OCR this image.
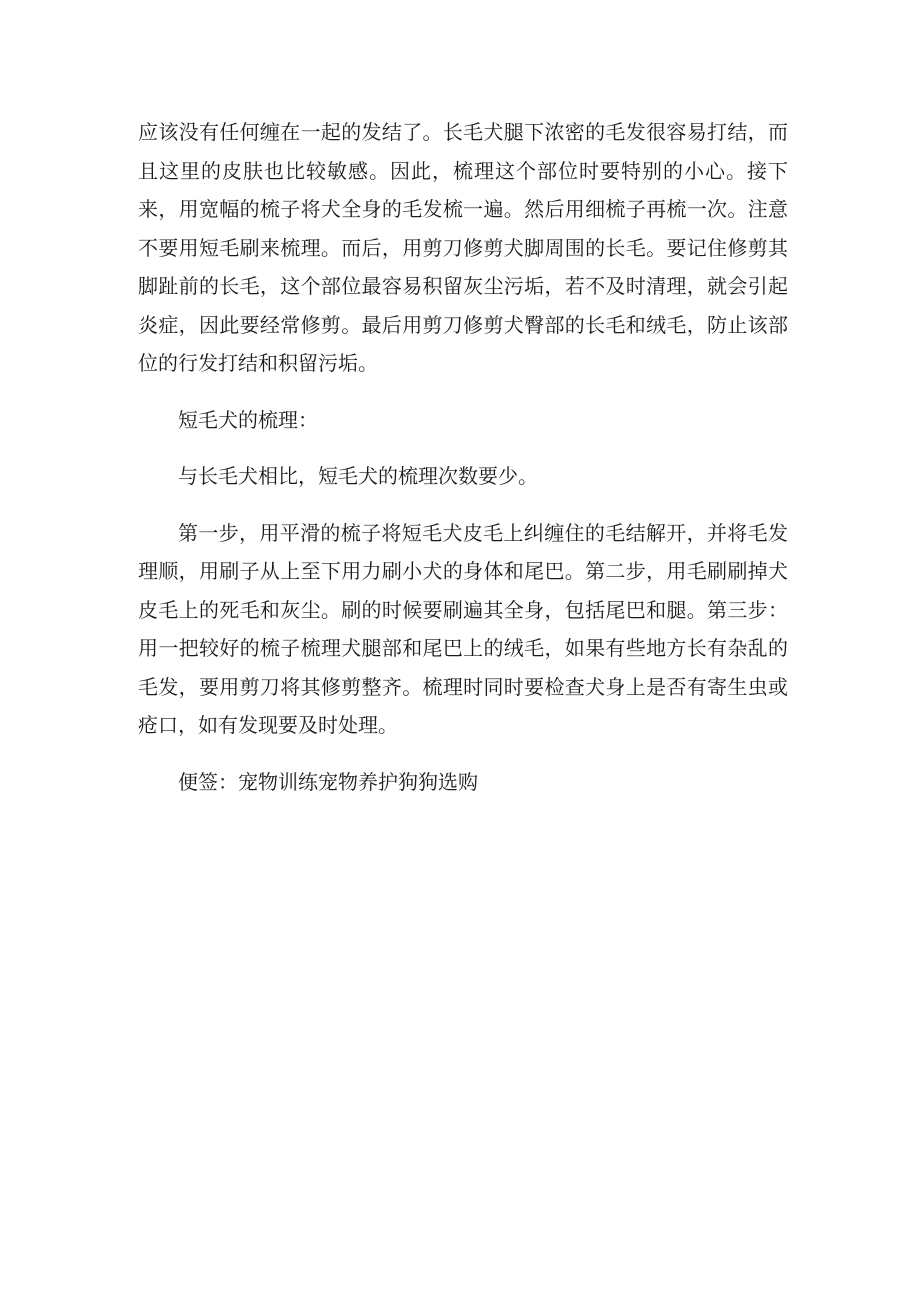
应该没有任何缠在一起的发结了。长毛犬腿下浓密的毛发很容易打结，而且这里的皮肤也比较敏感。因此，梳理这个部位时要特别的小心。接下来，用宽幅的梳子将犬全身的毛发梳一遍。然后用细梳子再梳一次。注意不要用短毛刷来梳理。而后，用剪刀修剪犬脚周围的长毛。要记住修剪其脚趾前的长毛，这个部位最容易积留灰尘污垢，若不及时清理，就会引起炎症，因此要经常修剪。最后用剪刀修剪犬臀部的长毛和绒毛，防止该部位的行发打结和积留污垢。

短毛犬的梳理：

与长毛犬相比，短毛犬的梳理次数要少。

第一步，用平滑的梳子将短毛犬皮毛上纠缠住的毛结解开，并将毛发理顺，用刷子从上至下用力刷小犬的身体和尾巴。第二步，用毛刷刷掉犬皮毛上的死毛和灰尘。刷的时候要刷遍其全身，包括尾巴和腿。第三步：用一把较好的梳子梳理犬腿部和尾巴上的绒毛，如果有些地方长有杂乱的毛发，要用剪刀将其修剪整齐。梳理时同时要检查犬身上是否有寄生虫或疮口，如有发现要及时处理。

便签：宠物训练宠物养护狗狗选购
